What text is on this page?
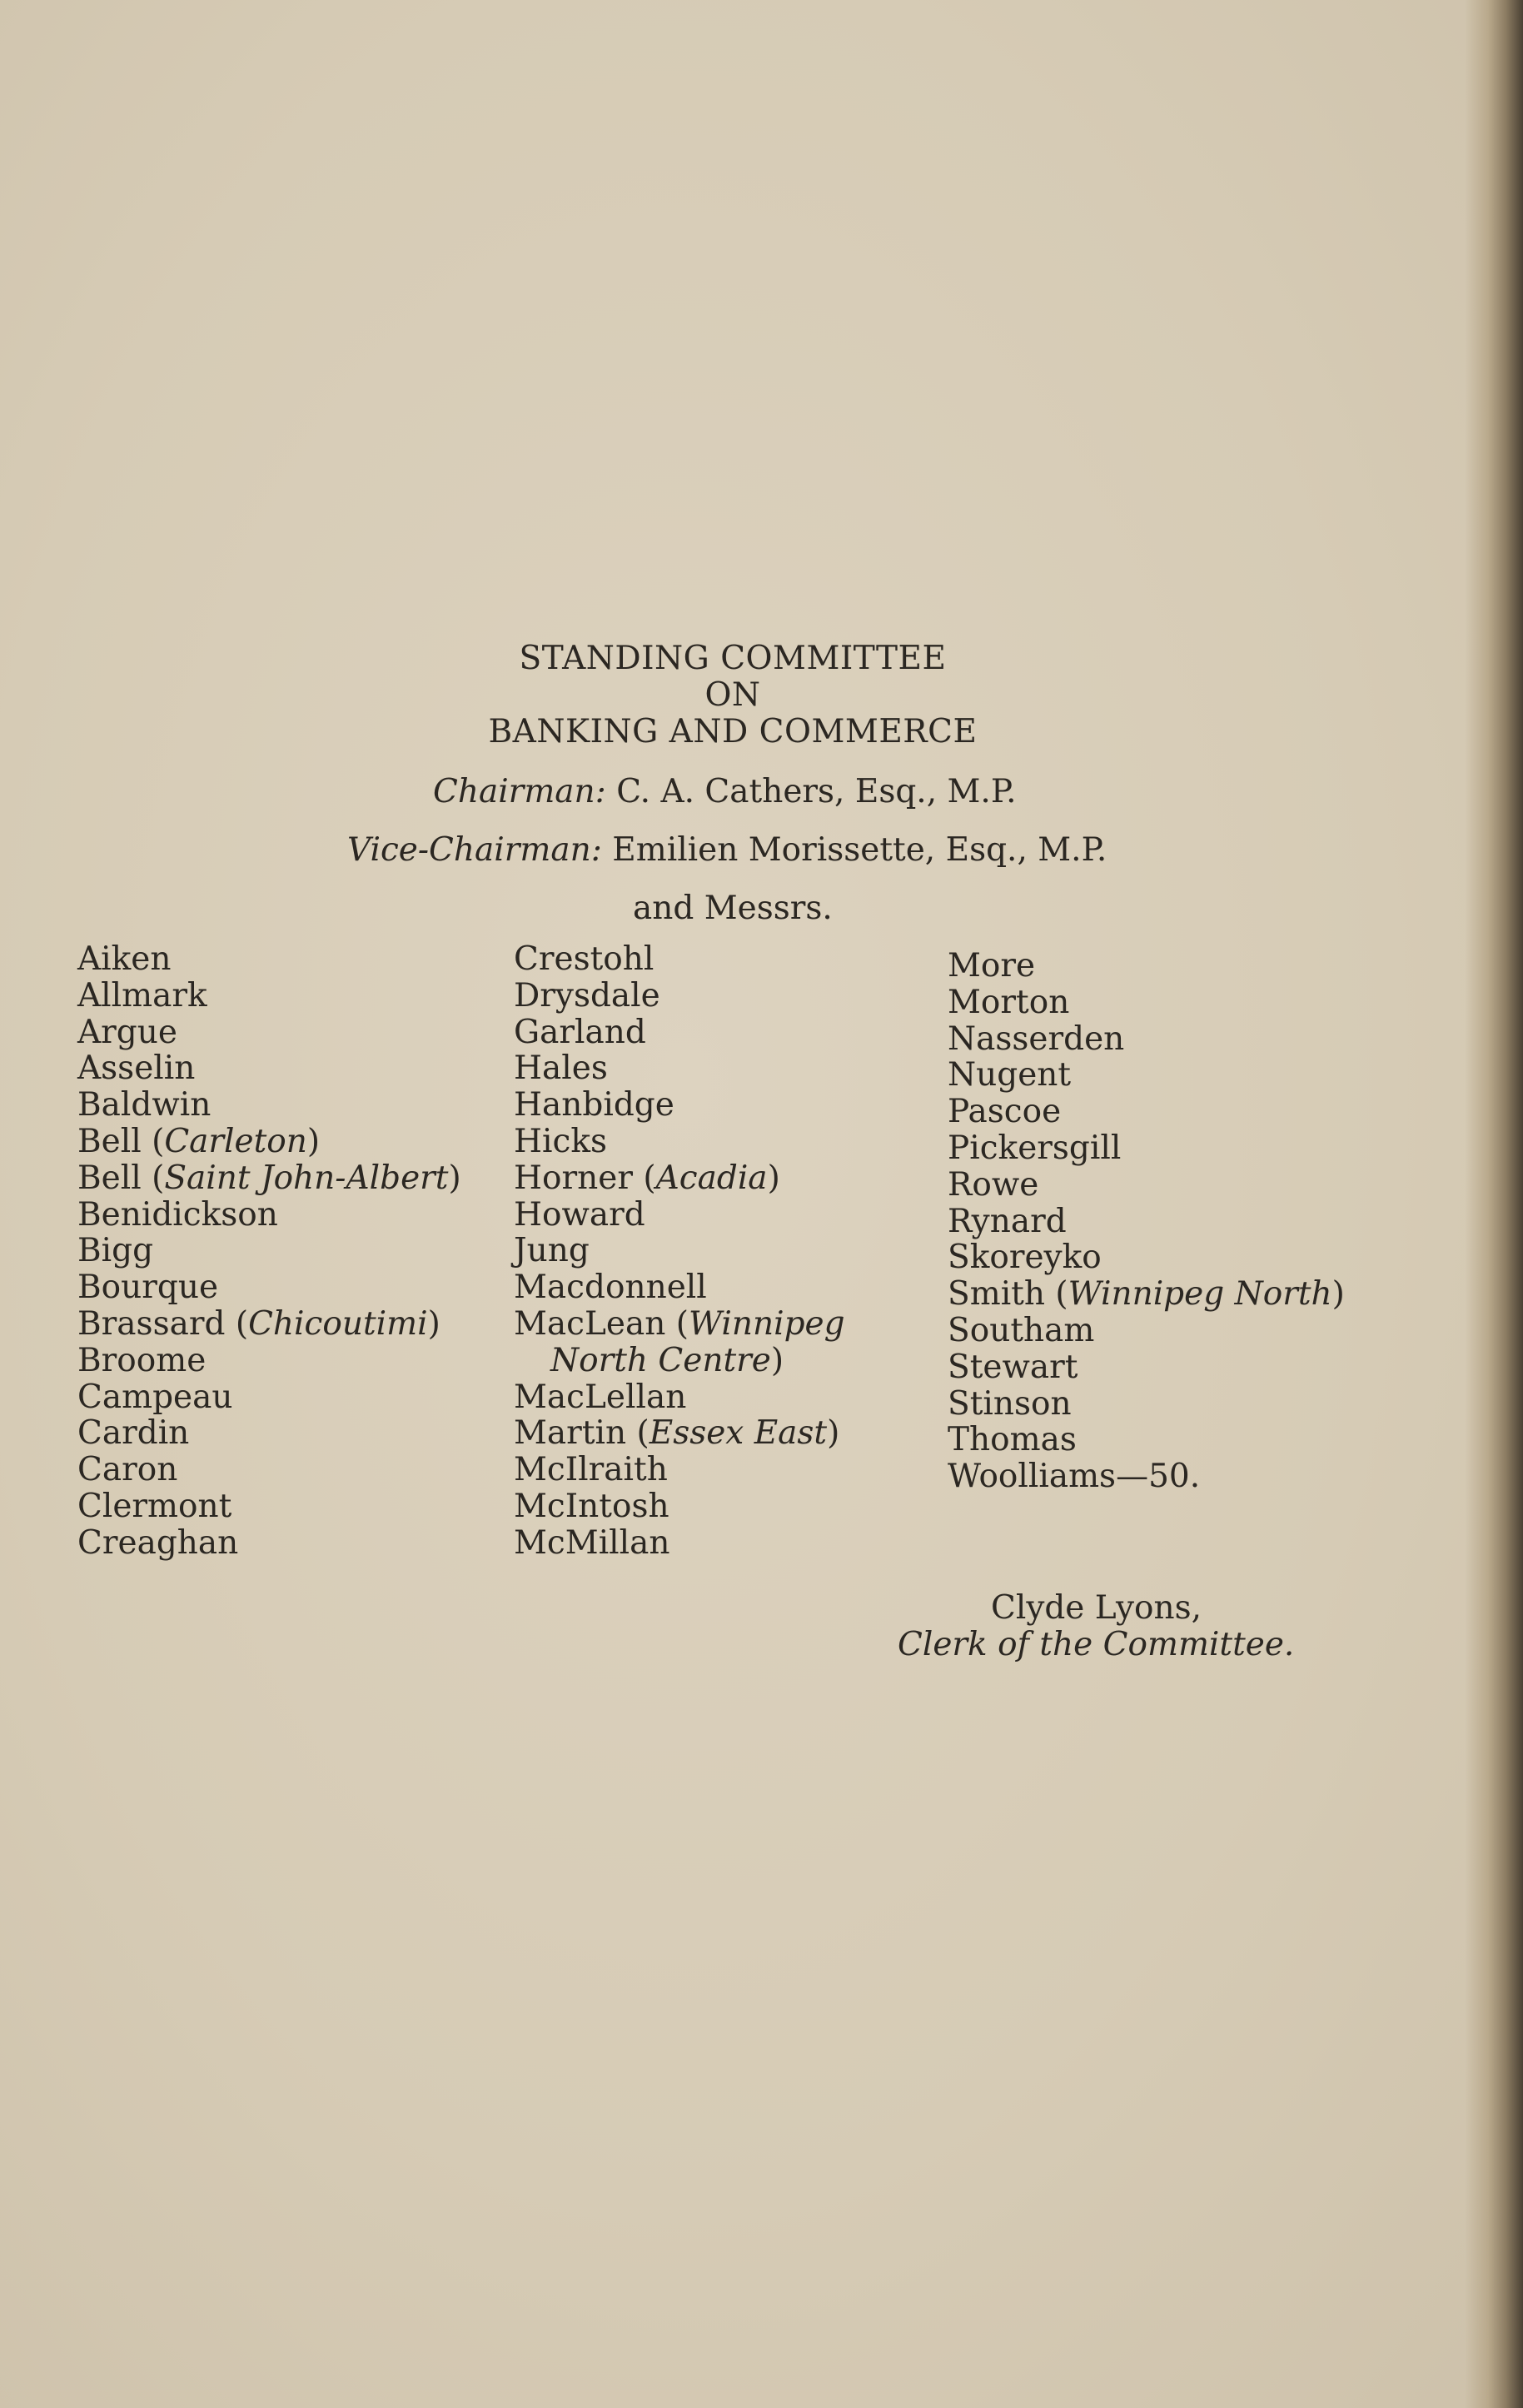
STANDING COMMITTEE
ON
BANKING AND COMMERCE
Chairman: C. A. Cathers, Esq., M.P.
Vice-Chairman: Emilien Morissette, Esq., M.P.
and Messrs.
Aiken
Allmark
Argue
Asselin
Baldwin
Bell (Carleton)
Bell (Saint John-Albert)
Benidickson
Bigg
Bourque
Brassard (Chicoutimi)
Broome
Campeau
Cardin
Caron
Clermont
Creaghan
Crestohl
Drysdale
Garland
Hales
Hanbidge
Hicks
Horner (Acadia)
Howard
Jung
Macdonnell
MacLean (Winnipeg
North Centre)
MacLellan
Martin (Essex East)
McIlraith
McIntosh
McMillan
More
Morton
Nasserden
Nugent
Pascoe
Pickersgill
Rowe
Rynard
Skoreyko
Smith (Winnipeg North)
Southam
Stewart
Stinson
Thomas
Woolliams—50.
Clyde Lyons,
Clerk of the Committee.
